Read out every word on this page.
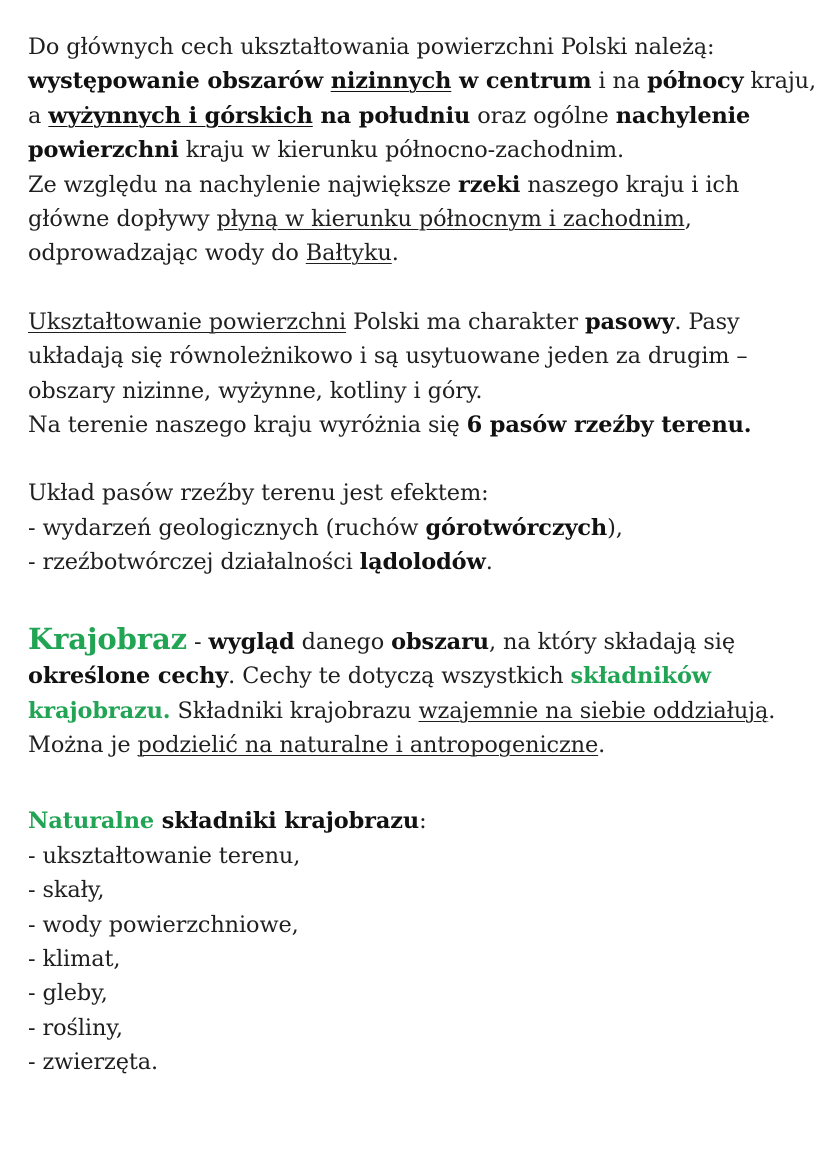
Do głównych cech ukształtowania powierzchni Polski należą: występowanie obszarów nizinnych w centrum i na północy kraju, a wyżynnych i górskich na południu oraz ogólne nachylenie powierzchni kraju w kierunku północno-zachodnim.

Ze względu na nachylenie największe rzeki naszego kraju i ich główne dopływy płyną w kierunku północnym i zachodnim, odprowadzając wody do Bałtyku.

Ukształtowanie powierzchni Polski ma charakter pasowy. Pasy układają się równoleżnikowo i są usytuowane jeden za drugim – obszary nizinne, wyżynne, kotliny i góry.

Na terenie naszego kraju wyróżnia się 6 pasów rzeźby terenu.

Układ pasów rzeźby terenu jest efektem:

- wydarzeń geologicznych (ruchów górotwórczych),

- rzeźbotwórczej działalności lądolodów.

Krajobraz - wygląd danego obszaru, na który składają się określone cechy. Cechy te dotyczą wszystkich składników krajobrazu. Składniki krajobrazu wzajemnie na siebie oddziałują. Można je podzielić na naturalne i antropogeniczne.

Naturalne składniki krajobrazu:

- ukształtowanie terenu,

- skały,

- wody powierzchniowe,

- klimat,

- gleby,

- rośliny,

- zwierzęta.
